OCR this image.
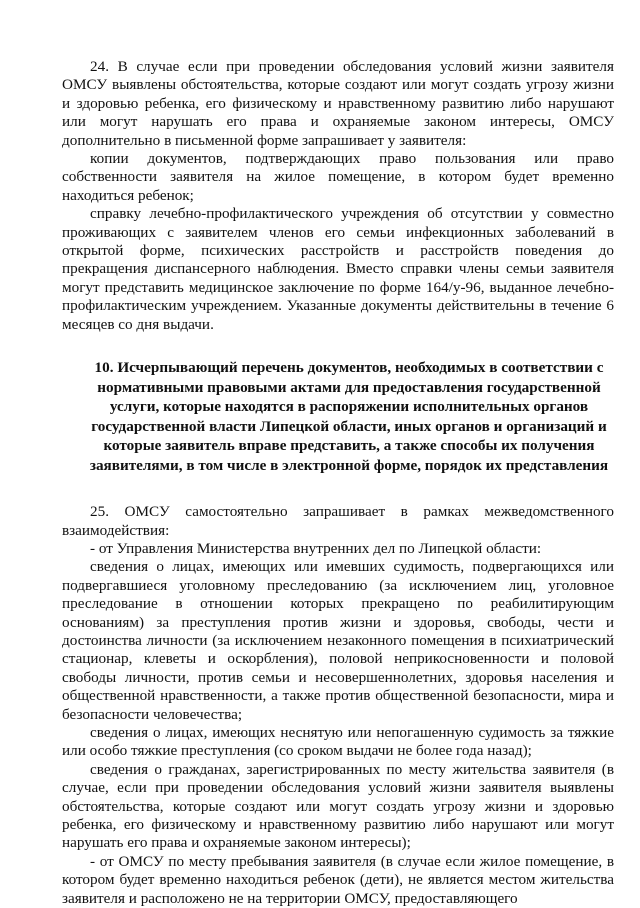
24. В случае если при проведении обследования условий жизни заявителя ОМСУ выявлены обстоятельства, которые создают или могут создать угрозу жизни и здоровью ребенка, его физическому и нравственному развитию либо нарушают или могут нарушать его права и охраняемые законом интересы, ОМСУ дополнительно в письменной форме запрашивает у заявителя:

копии документов, подтверждающих право пользования или право собственности заявителя на жилое помещение, в котором будет временно находиться ребенок;

справку лечебно-профилактического учреждения об отсутствии у совместно проживающих с заявителем членов его семьи инфекционных заболеваний в открытой форме, психических расстройств и расстройств поведения до прекращения диспансерного наблюдения. Вместо справки члены семьи заявителя могут представить медицинское заключение по форме 164/у-96, выданное лечебно-профилактическим учреждением. Указанные документы действительны в течение 6 месяцев со дня выдачи.

10. Исчерпывающий перечень документов, необходимых в соответствии с нормативными правовыми актами для предоставления государственной услуги, которые находятся в распоряжении исполнительных органов государственной власти Липецкой области, иных органов и организаций и которые заявитель вправе представить, а также способы их получения заявителями, в том числе в электронной форме, порядок их представления

25. ОМСУ самостоятельно запрашивает в рамках межведомственного взаимодействия:

- от Управления Министерства внутренних дел по Липецкой области:

сведения о лицах, имеющих или имевших судимость, подвергающихся или подвергавшиеся уголовному преследованию (за исключением лиц, уголовное преследование в отношении которых прекращено по реабилитирующим основаниям) за преступления против жизни и здоровья, свободы, чести и достоинства личности (за исключением незаконного помещения в психиатрический стационар, клеветы и оскорбления), половой неприкосновенности и половой свободы личности, против семьи и несовершеннолетних, здоровья населения и общественной нравственности, а также против общественной безопасности, мира и безопасности человечества;

сведения о лицах, имеющих неснятую или непогашенную судимость за тяжкие или особо тяжкие преступления (со сроком выдачи не более года назад);

сведения о гражданах, зарегистрированных по месту жительства заявителя (в случае, если при проведении обследования условий жизни заявителя выявлены обстоятельства, которые создают или могут создать угрозу жизни и здоровью ребенка, его физическому и нравственному развитию либо нарушают или могут нарушать его права и охраняемые законом интересы);

- от ОМСУ по месту пребывания заявителя (в случае если жилое помещение, в котором будет временно находиться ребенок (дети), не является местом жительства заявителя и расположено не на территории ОМСУ, предоставляющего
